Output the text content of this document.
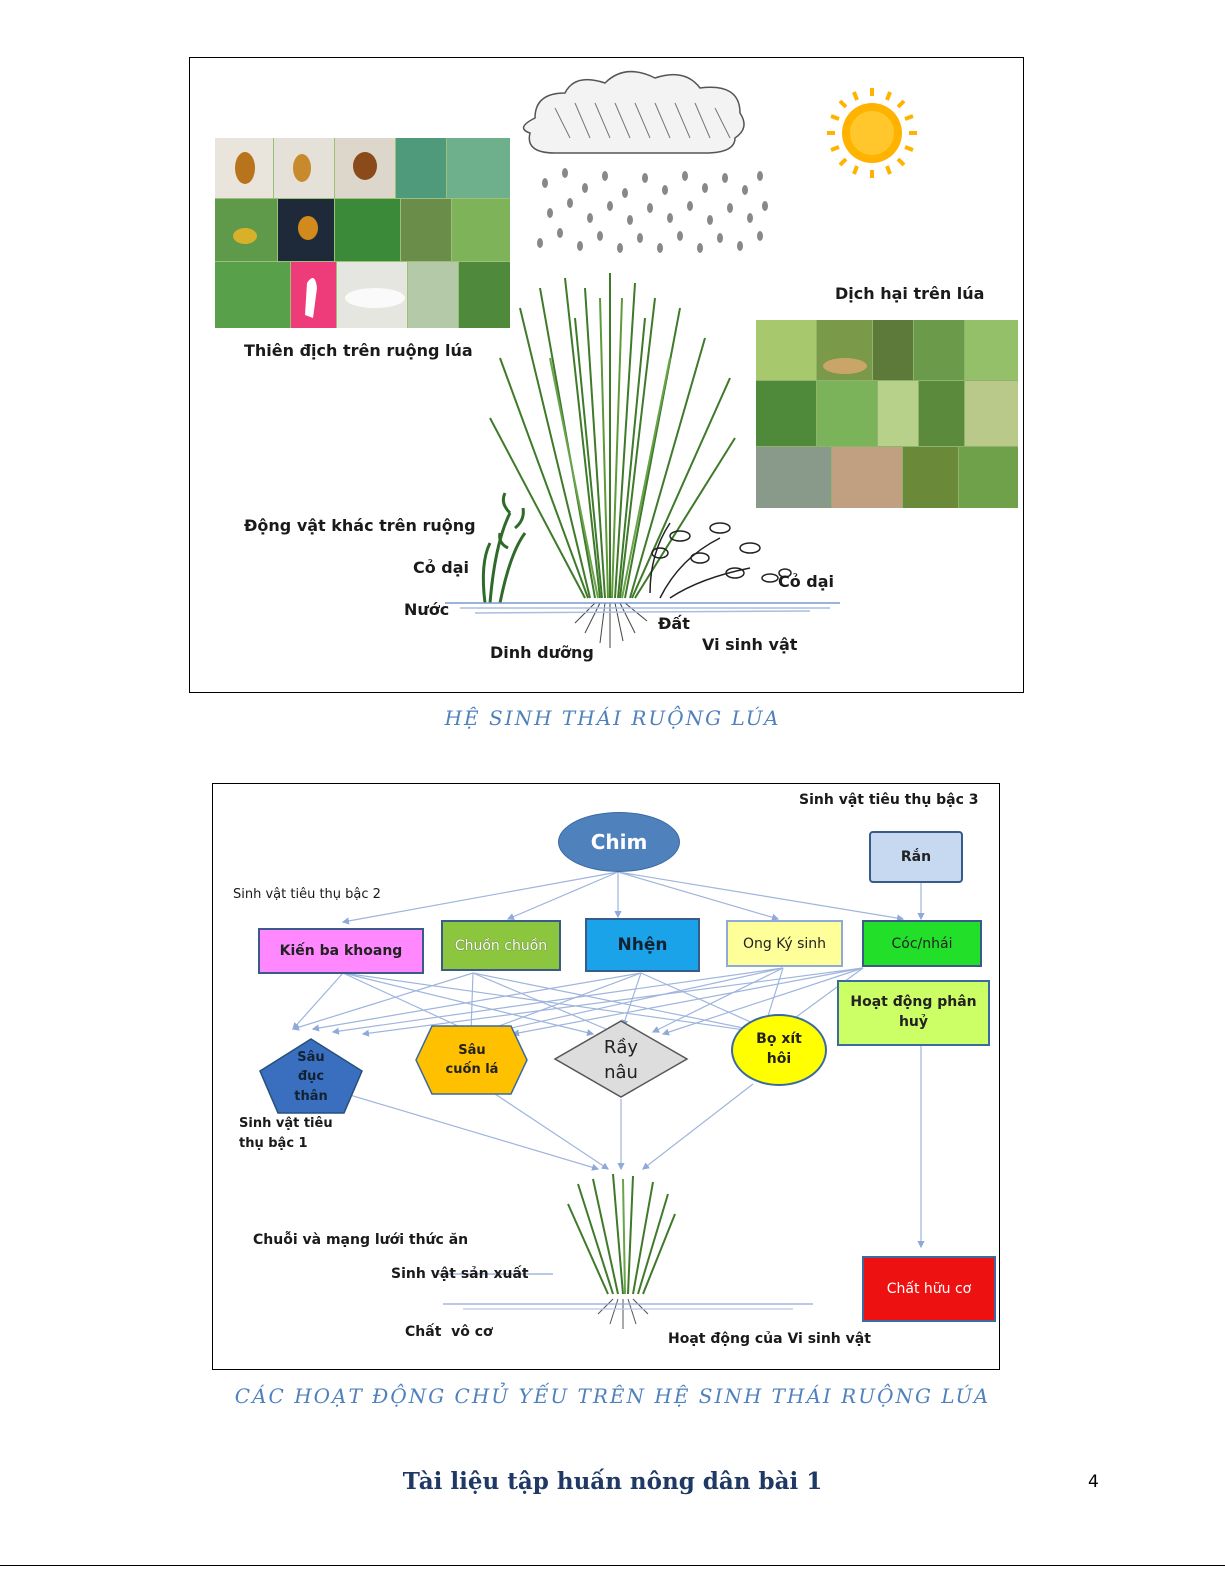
Thiên địch trên ruộng lúa
Dịch hại trên lúa
Động vật khác trên ruộng
Cỏ dại
Cỏ dại
Nước
Đất
Dinh dưỡng	Vi sinh vật
HỆ SINH THÁI RUỘNG LÚA
Chim
Rắn
Kiến ba khoang	Chuồn chuồn	Nhện	Ong Ký sinh	Cóc/nhái
Hoạt động phân huỷ
Sâu đục thân
Sâu cuốn lá
Rầy nâu
Bọ xít hôi
Chất hữu cơ
Sinh vật tiêu thụ bậc 3
Sinh vật tiêu thụ bậc 2
Sinh vật tiêu thụ bậc 1
Chuỗi và mạng lưới thức ăn
Sinh vật sản xuất
Chất  vô cơ	Hoạt động của Vi sinh vật
CÁC HOẠT ĐỘNG CHỦ YẾU TRÊN HỆ SINH THÁI RUỘNG LÚA
Tài liệu tập huấn nông dân bài 1	4
